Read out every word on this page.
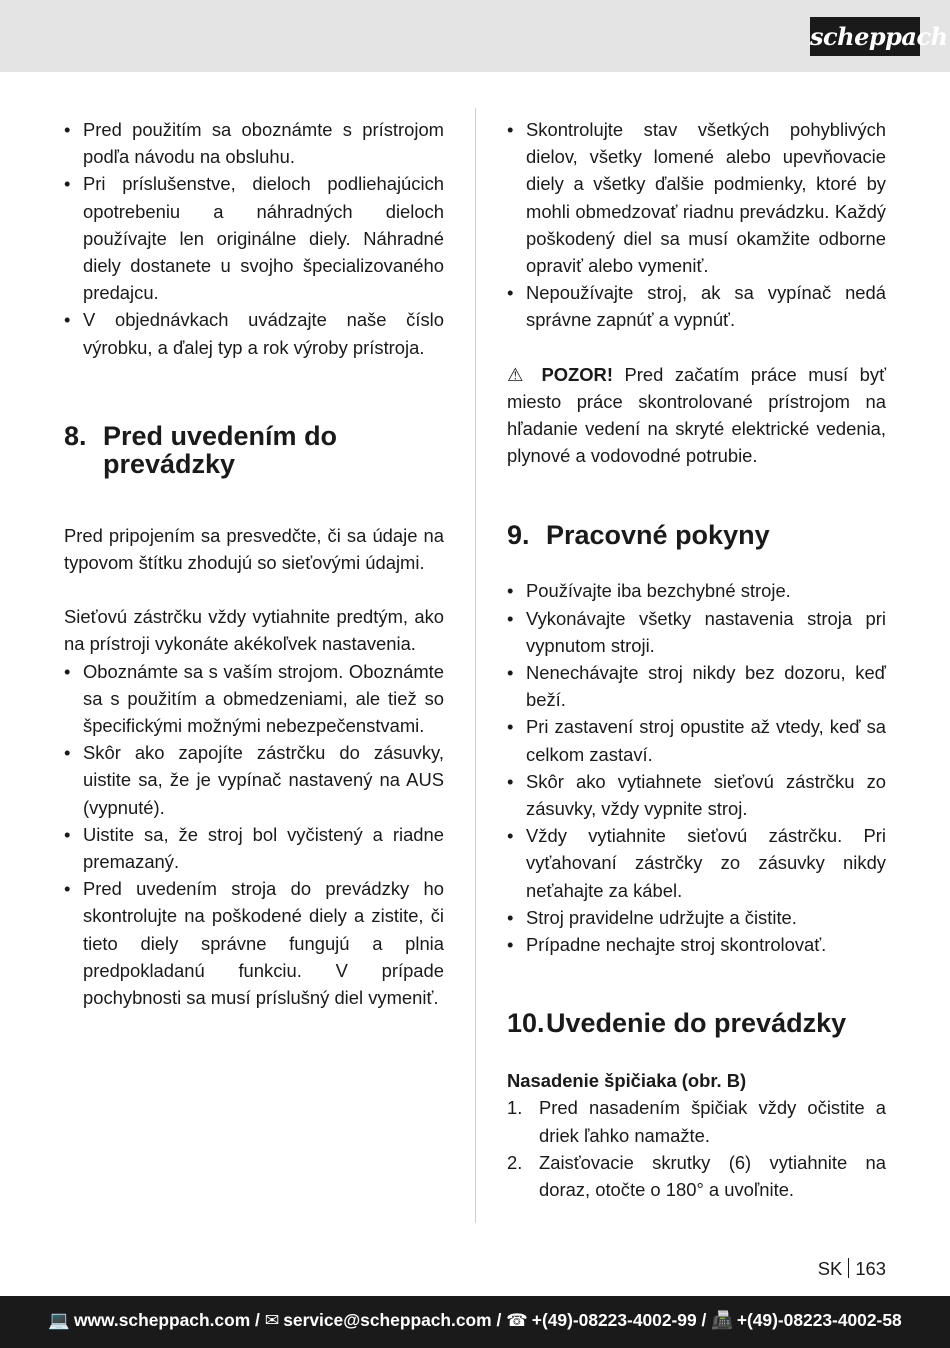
scheppach
• Pred použitím sa oboznámte s prístrojom podľa návodu na obsluhu.
• Pri príslušenstve, dieloch podliehajúcich opotrebeniu a náhradných dieloch používajte len originálne diely. Náhradné diely dostanete u svojho špecializovaného predajcu.
• V objednávkach uvádzajte naše číslo výrobku, a ďalej typ a rok výroby prístroja.
8. Pred uvedením do prevádzky

Pred pripojením sa presvedčte, či sa údaje na typovom štítku zhodujú so sieťovými údajmi.

Sieťovú zástrčku vždy vytiahnite predtým, ako na prístroji vykonáte akékoľvek nastavenia.

• Oboznámte sa s vaším strojom. Oboznámte sa s použitím a obmedzeniami, ale tiež so špecifickými možnými nebezpečenstvami.
• Skôr ako zapojíte zástrčku do zásuvky, uistite sa, že je vypínač nastavený na AUS (vypnuté).
• Uistite sa, že stroj bol vyčistený a riadne premazaný.
• Pred uvedením stroja do prevádzky ho skontrolujte na poškodené diely a zistite, či tieto diely správne fungujú a plnia predpokladanú funkciu. V prípade pochybnosti sa musí príslušný diel vymeniť.
• Skontrolujte stav všetkých pohyblivých dielov, všetky lomené alebo upevňovacie diely a všetky ďalšie podmienky, ktoré by mohli obmedzovať riadnu prevádzku. Každý poškodený diel sa musí okamžite odborne opraviť alebo vymeniť.
• Nepoužívajte stroj, ak sa vypínač nedá správne zapnúť a vypnúť.

⚠ POZOR! Pred začatím práce musí byť miesto práce skontrolované prístrojom na hľadanie vedení na skryté elektrické vedenia, plynové a vodovodné potrubie.

9. Pracovné pokyny
• Používajte iba bezchybné stroje.
• Vykonávajte všetky nastavenia stroja pri vypnutom stroji.
• Nenechávajte stroj nikdy bez dozoru, keď beží.
• Pri zastavení stroj opustite až vtedy, keď sa celkom zastaví.
• Skôr ako vytiahnete sieťovú zástrčku zo zásuvky, vždy vypnite stroj.
• Vždy vytiahnite sieťovú zástrčku. Pri vyťahovaní zástrčky zo zásuvky nikdy neťahajte za kábel.
• Stroj pravidelne udržujte a čistite.
• Prípadne nechajte stroj skontrolovať.
10. Uvedenie do prevádzky

Nasadenie špičiaka (obr. B)

1. Pred nasadením špičiak vždy očistite a driek ľahko namažte.
2. Zaisťovacie skrutky (6) vytiahnite na doraz, otočte o 180° a uvoľnite.
SK 163
💻 www.scheppach.com / ✉ service@scheppach.com / ☎ +(49)-08223-4002-99 / 📠 +(49)-08223-4002-58
